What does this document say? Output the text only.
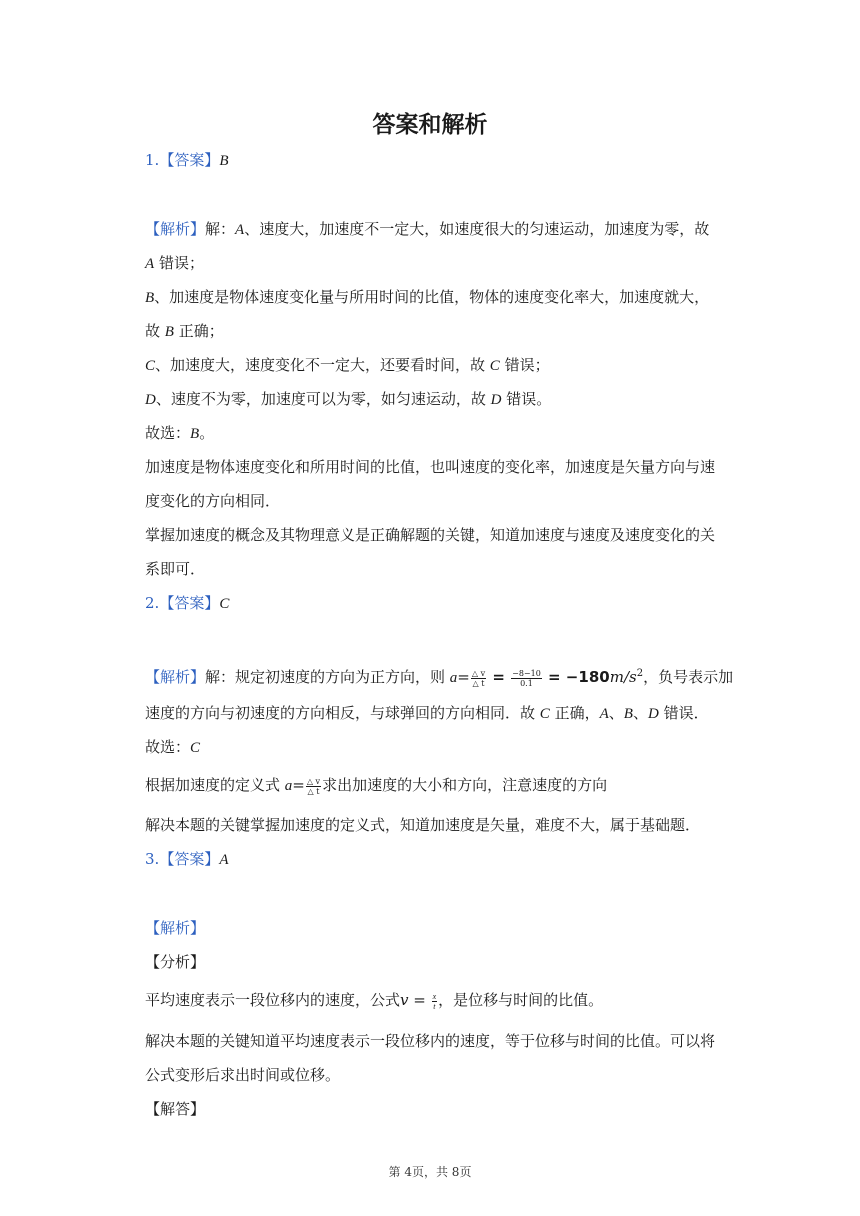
答案和解析
1.【答案】B
【解析】解：A、速度大，加速度不一定大，如速度很大的匀速运动，加速度为零，故
A 错误；
B、加速度是物体速度变化量与所用时间的比值，物体的速度变化率大，加速度就大，
故 B 正确；
C、加速度大，速度变化不一定大，还要看时间，故 C 错误；
D、速度不为零，加速度可以为零，如匀速运动，故 D 错误。
故选：B。
加速度是物体速度变化和所用时间的比值，也叫速度的变化率，加速度是矢量方向与速
度变化的方向相同．
掌握加速度的概念及其物理意义是正确解题的关键，知道加速度与速度及速度变化的关
系即可．
2.【答案】C
【解析】解：规定初速度的方向为正方向，则 $a= \frac{\triangle v}{\triangle t} = \frac{-8-10}{0.1} = -180m/s^2$，负号表示加
速度的方向与初速度的方向相反，与球弹回的方向相同．故 C 正确，A、B、D 错误．
故选：C
根据加速度的定义式 $a= \frac{\triangle v}{\triangle t}$ 求出加速度的大小和方向，注意速度的方向
解决本题的关键掌握加速度的定义式，知道加速度是矢量，难度不大，属于基础题．
3.【答案】A
【解析】
【分析】
平均速度表示一段位移内的速度，公式$v = \frac{x}{t}$ ，是位移与时间的比值。
解决本题的关键知道平均速度表示一段位移内的速度，等于位移与时间的比值。可以将
公式变形后求出时间或位移。
【解答】
第 4页，共 8页
